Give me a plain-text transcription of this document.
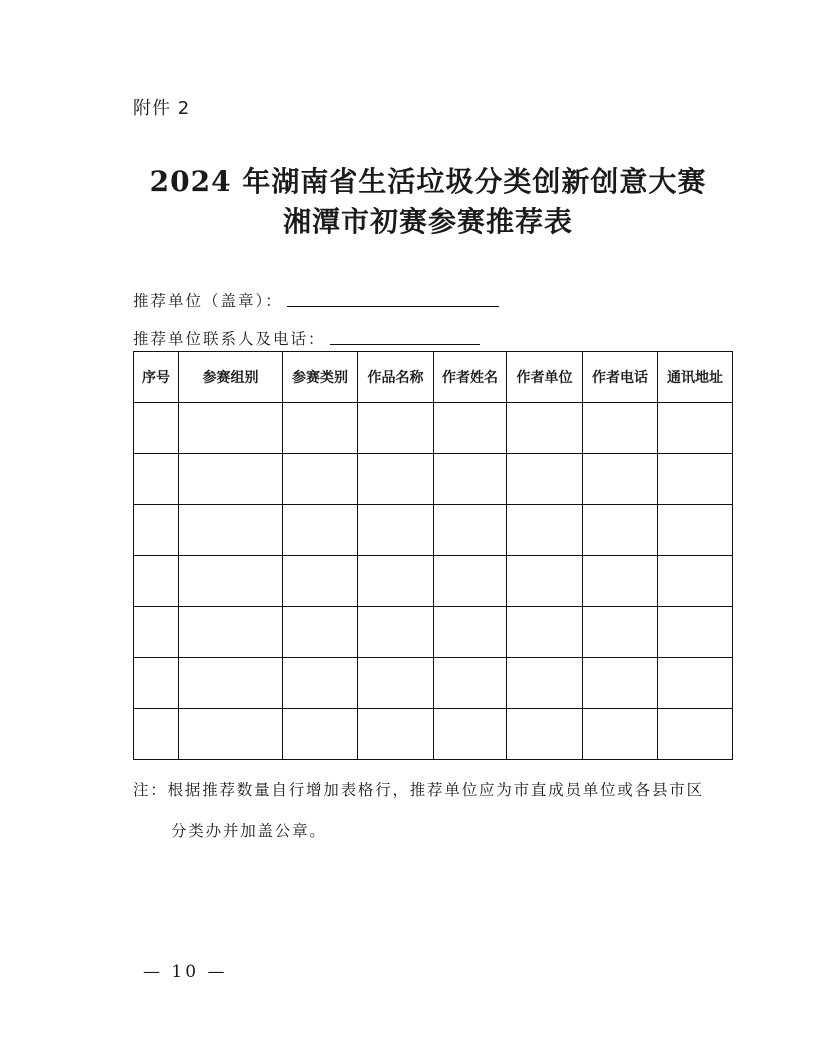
附件 2
2024 年湖南省生活垃圾分类创新创意大赛
湘潭市初赛参赛推荐表
推荐单位（盖章）：
推荐单位联系人及电话：
序号	参赛组别	参赛类别	作品名称	作者姓名	作者单位	作者电话	通讯地址

注：根据推荐数量自行增加表格行，推荐单位应为市直成员单位或各县市区
分类办并加盖公章。
— 10 —
